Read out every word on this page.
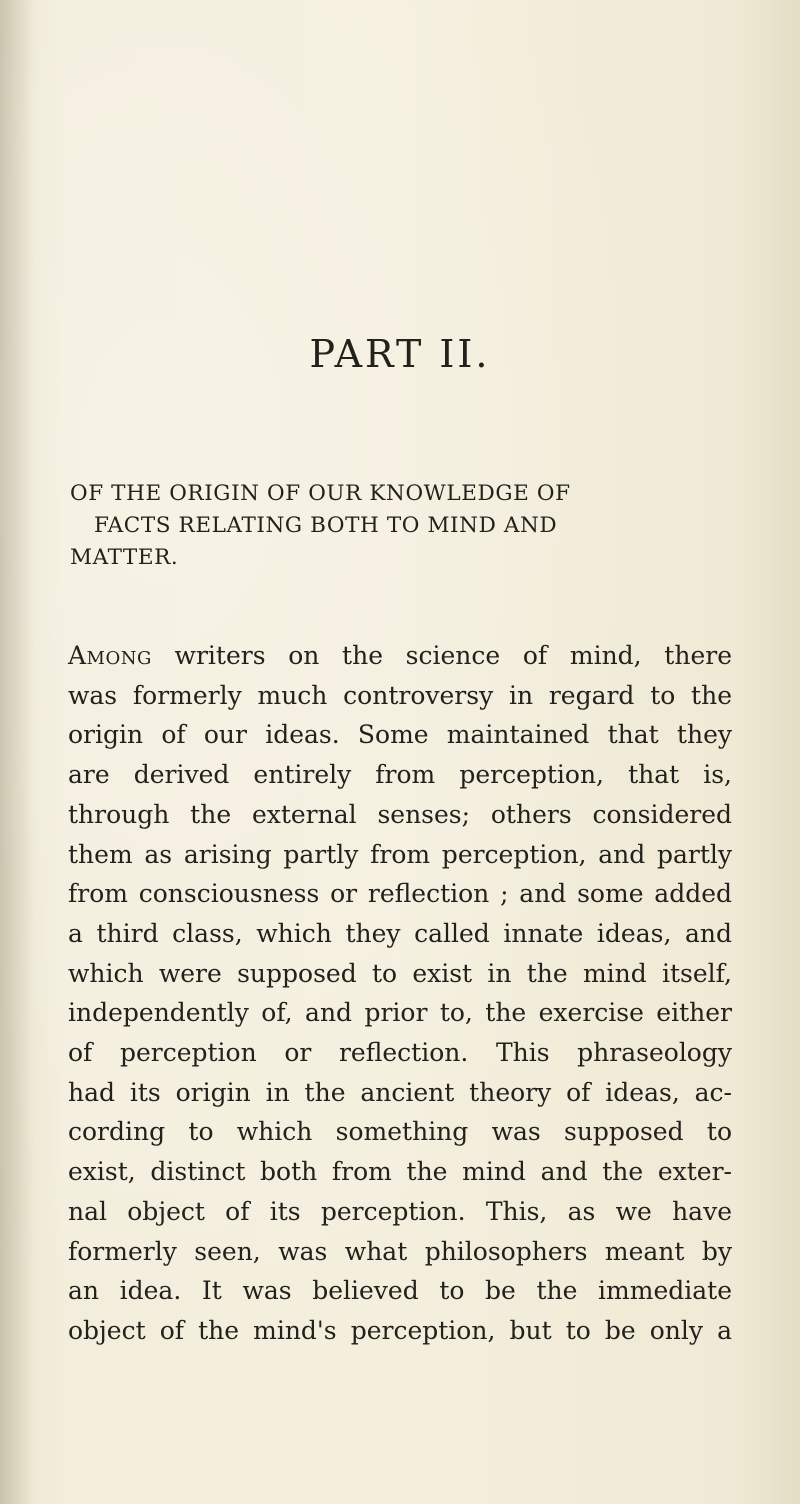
PART II.
OF THE ORIGIN OF OUR KNOWLEDGE OF
FACTS RELATING BOTH TO MIND AND
MATTER.
Among writers on the science of mind, there
was formerly much controversy in regard to the
origin of our ideas. Some maintained that they
are derived entirely from perception, that is,
through the external senses; others considered
them as arising partly from perception, and partly
from consciousness or reflection ; and some added
a third class, which they called innate ideas, and
which were supposed to exist in the mind itself,
independently of, and prior to, the exercise either
of perception or reflection. This phraseology
had its origin in the ancient theory of ideas, ac-
cording to which something was supposed to
exist, distinct both from the mind and the exter-
nal object of its perception. This, as we have
formerly seen, was what philosophers meant by
an idea. It was believed to be the immediate
object of the mind's perception, but to be only a
